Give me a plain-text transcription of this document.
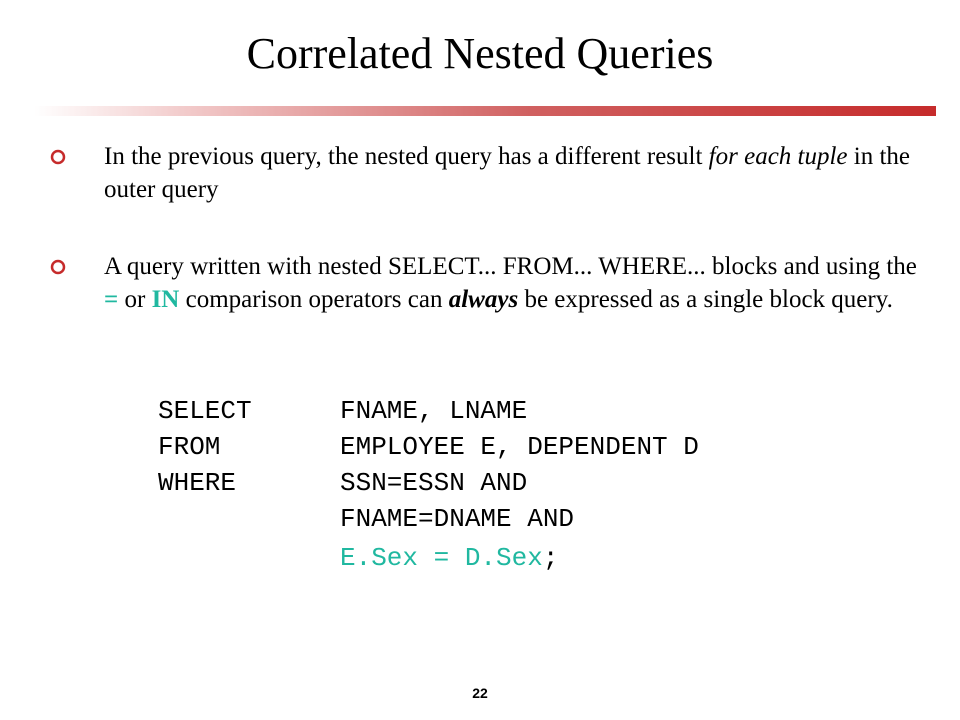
Correlated Nested Queries
In the previous query, the nested query has a different result for each tuple in the outer query
A query written with nested SELECT... FROM... WHERE... blocks and using the = or IN comparison operators can always be expressed as a single block query.
SELECT	FNAME, LNAME
FROM	EMPLOYEE E, DEPENDENT D
WHERE	SSN=ESSN AND
FNAME=DNAME AND
E.Sex = D.Sex;
22
